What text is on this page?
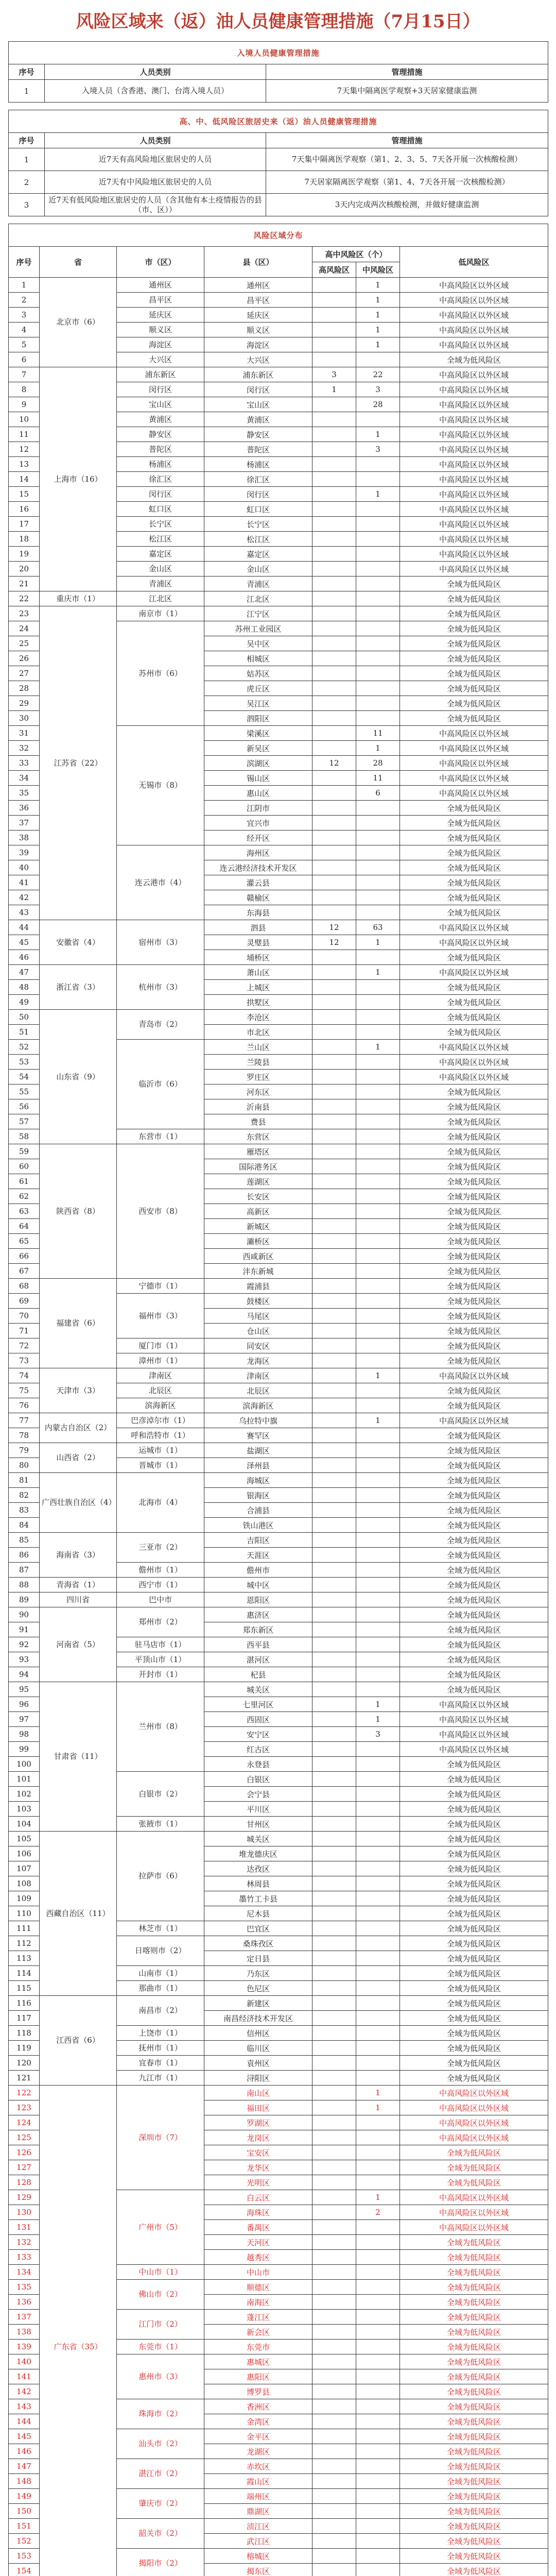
风险区域来（返）油人员健康管理措施（7月15日）
入境人员健康管理措施		
序号	人员类别	管理措施
1	入境人员（含香港、澳门、台湾入境人员）	7天集中隔离医学观察+3天居家健康监测
高、中、低风险区旅居史来（返）油人员健康管理措施		
序号	人员类别	管理措施
1	近7天有高风险地区旅居史的人员	7天集中隔离医学观察（第1、2、3、5、7天各开展一次核酸检测）
2	近7天有中风险地区旅居史的人员	7天居家隔离医学观察（第1、4、7天各开展一次核酸检测）
3	近7天有低风险地区旅居史的人员（含其他有本土疫情报告的县（市、区））	3天内完成两次核酸检测，并做好健康监测
风险区域分布						
序号	省	市（区）	县（区）	高中风险区（个）		低风险区
				高风险区	中风险区	
1	北京市（6）	通州区	通州区		1	中高风险区以外区域
2		昌平区	昌平区		1	中高风险区以外区域
3		延庆区	延庆区		1	中高风险区以外区域
4		顺义区	顺义区		1	中高风险区以外区域
5		海淀区	海淀区		1	中高风险区以外区域
6		大兴区	大兴区			全域为低风险区
7	上海市（16）	浦东新区	浦东新区	3	22	中高风险区以外区域
8		闵行区	闵行区	1	3	中高风险区以外区域
9		宝山区	宝山区		28	中高风险区以外区域
10		黄浦区	黄浦区			中高风险区以外区域
11		静安区	静安区		1	中高风险区以外区域
12		普陀区	普陀区		3	中高风险区以外区域
13		杨浦区	杨浦区			中高风险区以外区域
14		徐汇区	徐汇区			中高风险区以外区域
15		闵行区	闵行区		1	中高风险区以外区域
16		虹口区	虹口区			中高风险区以外区域
17		长宁区	长宁区			中高风险区以外区域
18		松江区	松江区			中高风险区以外区域
19		嘉定区	嘉定区			中高风险区以外区域
20		金山区	金山区			中高风险区以外区域
21		青浦区	青浦区			全域为低风险区
22	重庆市（1）	江北区	江北区			全域为低风险区
23	江苏省（22）	南京市（1）	江宁区			全域为低风险区
24		苏州市（6）	苏州工业园区			全域为低风险区
25			吴中区			全域为低风险区
26			相城区			全域为低风险区
27			姑苏区			全域为低风险区
28			虎丘区			全域为低风险区
29			吴江区			全域为低风险区
30			泗阳区			全域为低风险区
31		无锡市（8）	梁溪区		11	中高风险区以外区域
32			新吴区		1	中高风险区以外区域
33			滨湖区	12	28	中高风险区以外区域
34			锡山区		11	中高风险区以外区域
35			惠山区		6	中高风险区以外区域
36			江阴市			全域为低风险区
37			宜兴市			全域为低风险区
38			经开区			全域为低风险区
39		连云港市（4）	海州区			全域为低风险区
40			连云港经济技术开发区			全域为低风险区
41			灌云县			全域为低风险区
42			赣榆区			全域为低风险区
43			东海县			全域为低风险区
44	安徽省（4）	宿州市（3）	泗县	12	63	中高风险区以外区域
45			灵璧县	12	1	中高风险区以外区域
46			埇桥区			全域为低风险区
47	浙江省（3）	杭州市（3）	萧山区		1	中高风险区以外区域
48			上城区			全域为低风险区
49			拱墅区			全域为低风险区
50	山东省（9）	青岛市（2）	李沧区			全域为低风险区
51			市北区			全域为低风险区
52		临沂市（6）	兰山区		1	中高风险区以外区域
53			兰陵县			中高风险区以外区域
54			罗庄区			中高风险区以外区域
55			河东区			全域为低风险区
56			沂南县			全域为低风险区
57			费县			全域为低风险区
58		东营市（1）	东营区			全域为低风险区
59	陕西省（8）	西安市（8）	雁塔区			全域为低风险区
60			国际港务区			全域为低风险区
61			莲湖区			全域为低风险区
62			长安区			全域为低风险区
63			高新区			全域为低风险区
64			新城区			全域为低风险区
65			灞桥区			全域为低风险区
66			西咸新区			全域为低风险区
67			沣东新城			全域为低风险区
68	福建省（6）	宁德市（1）	霞浦县			全域为低风险区
69		福州市（3）	鼓楼区			全域为低风险区
70			马尾区			全域为低风险区
71			仓山区			全域为低风险区
72		厦门市（1）	同安区			全域为低风险区
73		漳州市（1）	龙海区			全域为低风险区
74	天津市（3）	津南区	津南区		1	中高风险区以外区域
75		北辰区	北辰区			全域为低风险区
76		滨海新区	滨海新区			全域为低风险区
77	内蒙古自治区（2）	巴彦淖尔市（1）	乌拉特中旗		1	中高风险区以外区域
78		呼和浩特市（1）	赛罕区			全域为低风险区
79	山西省（2）	运城市（1）	盐湖区			全域为低风险区
80		晋城市（1）	泽州县			全域为低风险区
81	广西壮族自治区（4）	北海市（4）	海城区			全域为低风险区
82			银海区			全域为低风险区
83			合浦县			全域为低风险区
84			铁山港区			全域为低风险区
85	海南省（3）	三亚市（2）	吉阳区			全域为低风险区
86			天涯区			全域为低风险区
87		儋州市（1）	儋州市			全域为低风险区
88	青海省（1）	西宁市（1）	城中区			全域为低风险区
89	四川省	巴中市	恩阳区			全域为低风险区
90	河南省（5）	郑州市（2）	惠济区			全域为低风险区
91			郑东新区			全域为低风险区
92		驻马店市（1）	西平县			全域为低风险区
93		平顶山市（1）	湛河区			全域为低风险区
94		开封市（1）	杞县			全域为低风险区
95	甘肃省（11）	兰州市（8）	城关区			全域为低风险区
96			七里河区		1	中高风险区以外区域
97			西固区		1	中高风险区以外区域
98			安宁区		3	中高风险区以外区域
99			红古区			中高风险区以外区域
100			永登县			全域为低风险区
101		白银市（2）	白银区			全域为低风险区
102			会宁县			全域为低风险区
103			平川区			全域为低风险区
104		张掖市（1）	甘州区			全域为低风险区
105	西藏自治区（11）	拉萨市（6）	城关区			全域为低风险区
106			堆龙德庆区			全域为低风险区
107			达孜区			全域为低风险区
108			林周县			全域为低风险区
109			墨竹工卡县			全域为低风险区
110			尼木县			全域为低风险区
111		林芝市（1）	巴宜区			全域为低风险区
112		日喀则市（2）	桑珠孜区			全域为低风险区
113			定日县			全域为低风险区
114		山南市（1）	乃东区			全域为低风险区
115		那曲市（1）	色尼区			全域为低风险区
116	江西省（6）	南昌市（2）	新建区			全域为低风险区
117			南昌经济技术开发区			全域为低风险区
118		上饶市（1）	信州区			全域为低风险区
119		抚州市（1）	临川区			全域为低风险区
120		宜春市（1）	袁州区			全域为低风险区
121		九江市（1）	浔阳区			全域为低风险区
122	广东省（35）	深圳市（7）	南山区		1	中高风险区以外区域
123			福田区		1	中高风险区以外区域
124			罗湖区			中高风险区以外区域
125			龙岗区			中高风险区以外区域
126			宝安区			全域为低风险区
127			龙华区			全域为低风险区
128			光明区			全域为低风险区
129		广州市（5）	白云区		1	中高风险区以外区域
130			海珠区		2	中高风险区以外区域
131			番禺区			中高风险区以外区域
132			天河区			全域为低风险区
133			越秀区			全域为低风险区
134		中山市（1）	中山市			全域为低风险区
135		佛山市（2）	顺德区			全域为低风险区
136			南海区			全域为低风险区
137		江门市（2）	蓬江区			全域为低风险区
138			新会区			全域为低风险区
139		东莞市（1）	东莞市			全域为低风险区
140		惠州市（3）	惠城区			全域为低风险区
141			惠阳区			全域为低风险区
142			博罗县			全域为低风险区
143		珠海市（2）	香洲区			全域为低风险区
144			金湾区			全域为低风险区
145		汕头市（2）	金平区			全域为低风险区
146			龙湖区			全域为低风险区
147		湛江市（2）	赤坎区			全域为低风险区
148			霞山区			全域为低风险区
149		肇庆市（2）	端州区			全域为低风险区
150			鼎湖区			全域为低风险区
151		韶关市（2）	浈江区			全域为低风险区
152			武江区			全域为低风险区
153		揭阳市（2）	榕城区			全域为低风险区
154			揭东区			全域为低风险区
